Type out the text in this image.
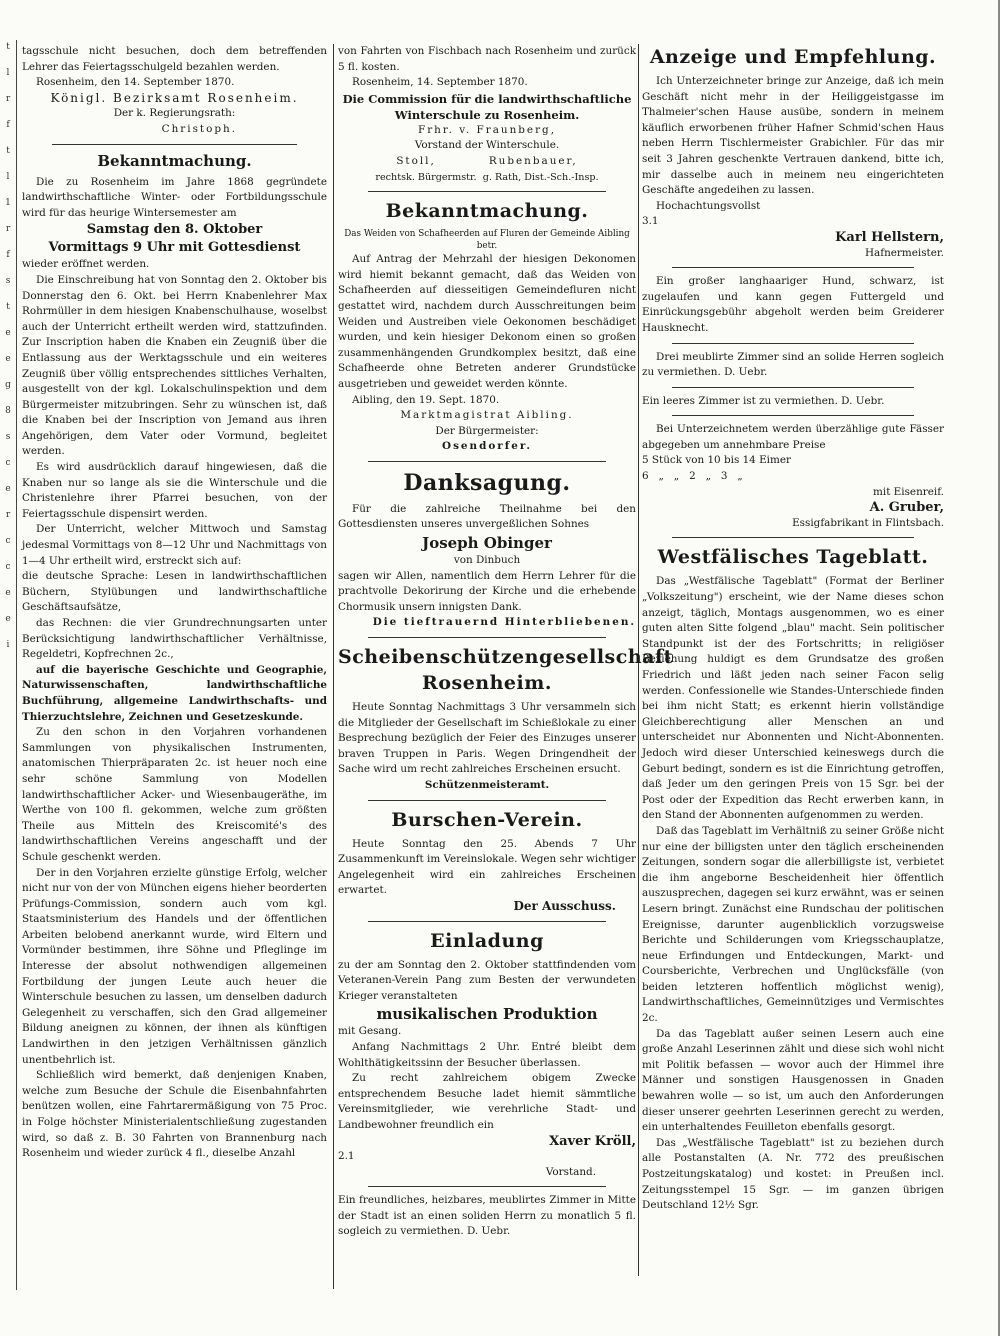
t
l
r
f
t
l
1
r
f
s
t
e
e
g
8
s
c
e
r
c
c
e
e
i

tagsschule nicht besuchen, doch dem betreffenden Lehrer das Feiertagsschulgeld bezahlen werden.

Rosenheim, den 14. September 1870.

Königl. Bezirksamt Rosenheim.

Der k. Regierungsrath:

Christoph.

Bekanntmachung.

Die zu Rosenheim im Jahre 1868 gegründete landwirthschaftliche Winter- oder Fortbildungsschule wird für das heurige Wintersemester am

Samstag den 8. Oktober

Vormittags 9 Uhr mit Gottesdienst

wieder eröffnet werden.

Die Einschreibung hat von Sonntag den 2. Oktober bis Donnerstag den 6. Okt. bei Herrn Knabenlehrer Max Rohrmüller in dem hiesigen Knabenschulhause, woselbst auch der Unterricht ertheilt werden wird, stattzufinden. Zur Inscription haben die Knaben ein Zeugniß über die Entlassung aus der Werktagsschule und ein weiteres Zeugniß über völlig entsprechendes sittliches Verhalten, ausgestellt von der kgl. Lokalschulinspektion und dem Bürgermeister mitzubringen. Sehr zu wünschen ist, daß die Knaben bei der Inscription von Jemand aus ihren Angehörigen, dem Vater oder Vormund, begleitet werden.

Es wird ausdrücklich darauf hingewiesen, daß die Knaben nur so lange als sie die Winterschule und die Christenlehre ihrer Pfarrei besuchen, von der Feiertagsschule dispensirt werden.

Der Unterricht, welcher Mittwoch und Samstag jedesmal Vormittags von 8—12 Uhr und Nachmittags von 1—4 Uhr ertheilt wird, erstreckt sich auf:

die deutsche Sprache: Lesen in landwirthschaftlichen Büchern, Stylübungen und landwirthschaftliche Geschäftsaufsätze,

das Rechnen: die vier Grundrechnungsarten unter Berücksichtigung landwirthschaftlicher Verhältnisse, Regeldetri, Kopfrechnen 2c.,

auf die bayerische Geschichte und Geographie, Naturwissenschaften, landwirthschaftliche Buchführung, allgemeine Landwirthschafts- und Thierzuchtslehre, Zeichnen und Gesetzeskunde.

Zu den schon in den Vorjahren vorhandenen Sammlungen von physikalischen Instrumenten, anatomischen Thierpräparaten 2c. ist heuer noch eine sehr schöne Sammlung von Modellen landwirthschaftlicher Acker- und Wiesenbaugeräthe, im Werthe von 100 fl. gekommen, welche zum größten Theile aus Mitteln des Kreiscomité's des landwirthschaftlichen Vereins angeschafft und der Schule geschenkt werden.

Der in den Vorjahren erzielte günstige Erfolg, welcher nicht nur von der von München eigens hieher beorderten Prüfungs-Commission, sondern auch vom kgl. Staatsministerium des Handels und der öffentlichen Arbeiten belobend anerkannt wurde, wird Eltern und Vormünder bestimmen, ihre Söhne und Pfleglinge im Interesse der absolut nothwendigen allgemeinen Fortbildung der jungen Leute auch heuer die Winterschule besuchen zu lassen, um denselben dadurch Gelegenheit zu verschaffen, sich den Grad allgemeiner Bildung aneignen zu können, der ihnen als künftigen Landwirthen in den jetzigen Verhältnissen gänzlich unentbehrlich ist.

Schließlich wird bemerkt, daß denjenigen Knaben, welche zum Besuche der Schule die Eisenbahnfahrten benützen wollen, eine Fahrtarermäßigung von 75 Proc. in Folge höchster Ministerialentschließung zugestanden wird, so daß z. B. 30 Fahrten von Brannenburg nach Rosenheim und wieder zurück 4 fl., dieselbe Anzahl

von Fahrten von Fischbach nach Rosenheim und zurück 5 fl. kosten.

Rosenheim, 14. September 1870.

Die Commission für die landwirthschaftliche Winterschule zu Rosenheim.

Frhr. v. Fraunberg,

Vorstand der Winterschule.

Stoll,          Rubenbauer,

rechtsk. Bürgermstr.  g. Rath, Dist.-Sch.-Insp.

Bekanntmachung.

Das Weiden von Schafheerden auf Fluren der Gemeinde Aibling betr.

Auf Antrag der Mehrzahl der hiesigen Dekonomen wird hiemit bekannt gemacht, daß das Weiden von Schafheerden auf diesseitigen Gemeindefluren nicht gestattet wird, nachdem durch Ausschreitungen beim Weiden und Austreiben viele Oekonomen beschädiget wurden, und kein hiesiger Dekonom einen so großen zusammenhängenden Grundkomplex besitzt, daß eine Schafheerde ohne Betreten anderer Grundstücke ausgetrieben und geweidet werden könnte.

Aibling, den 19. Sept. 1870.

Marktmagistrat Aibling.

Der Bürgermeister:

Osendorfer.

Danksagung.

Für die zahlreiche Theilnahme bei den Gottesdiensten unseres unvergeßlichen Sohnes

Joseph Obinger

von Dinbuch

sagen wir Allen, namentlich dem Herrn Lehrer für die prachtvolle Dekorirung der Kirche und die erhebende Chormusik unsern innigsten Dank.

Die tieftrauernd Hinterbliebenen.

Scheibenschützengesellschaft Rosenheim.

Heute Sonntag Nachmittags 3 Uhr versammeln sich die Mitglieder der Gesellschaft im Schießlokale zu einer Besprechung bezüglich der Feier des Einzuges unserer braven Truppen in Paris. Wegen Dringendheit der Sache wird um recht zahlreiches Erscheinen ersucht.

Schützenmeisteramt.

Burschen-Verein.

Heute Sonntag den 25. Abends 7 Uhr Zusammenkunft im Vereinslokale. Wegen sehr wichtiger Angelegenheit wird ein zahlreiches Erscheinen erwartet.

Der Ausschuss.

Einladung

zu der am Sonntag den 2. Oktober stattfindenden vom Veteranen-Verein Pang zum Besten der verwundeten Krieger veranstalteten

musikalischen Produktion

mit Gesang.

Anfang Nachmittags 2 Uhr. Entré bleibt dem Wohlthätigkeitssinn der Besucher überlassen.

Zu recht zahlreichem obigem Zwecke entsprechendem Besuche ladet hiemit sämmtliche Vereinsmitglieder, wie verehrliche Stadt- und Landbewohner freundlich ein

Xaver Kröll,

2.1

Vorstand.

Ein freundliches, heizbares, meublirtes Zimmer in Mitte der Stadt ist an einen soliden Herrn zu monatlich 5 fl. sogleich zu vermiethen. D. Uebr.

Anzeige und Empfehlung.

Ich Unterzeichneter bringe zur Anzeige, daß ich mein Geschäft nicht mehr in der Heiliggeistgasse im Thalmeier'schen Hause ausübe, sondern in meinem käuflich erworbenen früher Hafner Schmid'schen Haus neben Herrn Tischlermeister Grabichler. Für das mir seit 3 Jahren geschenkte Vertrauen dankend, bitte ich, mir dasselbe auch in meinem neu eingerichteten Geschäfte angedeihen zu lassen.

Hochachtungsvollst

3.1

Karl Hellstern,

Hafnermeister.

Ein großer langhaariger Hund, schwarz, ist zugelaufen und kann gegen Futtergeld und Einrückungsgebühr abgeholt werden beim Greiderer Hausknecht.

Drei meublirte Zimmer sind an solide Herren sogleich zu vermiethen. D. Uebr.

Ein leeres Zimmer ist zu vermiethen. D. Uebr.

Bei Unterzeichnetem werden überzählige gute Fässer abgegeben um annehmbare Preise

5 Stück von 10 bis 14 Eimer

6   „   „   2   „   3   „

mit Eisenreif.

A. Gruber,

Essigfabrikant in Flintsbach.

Westfälisches Tageblatt.

Das „Westfälische Tageblatt" (Format der Berliner „Volkszeitung") erscheint, wie der Name dieses schon anzeigt, täglich, Montags ausgenommen, wo es einer guten alten Sitte folgend „blau" macht. Sein politischer Standpunkt ist der des Fortschritts; in religiöser Beziehung huldigt es dem Grundsatze des großen Friedrich und läßt jeden nach seiner Facon selig werden. Confessionelle wie Standes-Unterschiede finden bei ihm nicht Statt; es erkennt hierin vollständige Gleichberechtigung aller Menschen an und unterscheidet nur Abonnenten und Nicht-Abonnenten. Jedoch wird dieser Unterschied keineswegs durch die Geburt bedingt, sondern es ist die Einrichtung getroffen, daß Jeder um den geringen Preis von 15 Sgr. bei der Post oder der Expedition das Recht erwerben kann, in den Stand der Abonnenten aufgenommen zu werden.

Daß das Tageblatt im Verhältniß zu seiner Größe nicht nur eine der billigsten unter den täglich erscheinenden Zeitungen, sondern sogar die allerbilligste ist, verbietet die ihm angeborne Bescheidenheit hier öffentlich auszusprechen, dagegen sei kurz erwähnt, was er seinen Lesern bringt. Zunächst eine Rundschau der politischen Ereignisse, darunter augenblicklich vorzugsweise Berichte und Schilderungen vom Kriegsschauplatze, neue Erfindungen und Entdeckungen, Markt- und Coursberichte, Verbrechen und Unglücksfälle (von beiden letzteren hoffentlich möglichst wenig), Landwirthschaftliches, Gemeinnütziges und Vermischtes 2c.

Da das Tageblatt außer seinen Lesern auch eine große Anzahl Leserinnen zählt und diese sich wohl nicht mit Politik befassen — wovor auch der Himmel ihre Männer und sonstigen Hausgenossen in Gnaden bewahren wolle — so ist, um auch den Anforderungen dieser unserer geehrten Leserinnen gerecht zu werden, ein unterhaltendes Feuilleton ebenfalls gesorgt.

Das „Westfälische Tageblatt" ist zu beziehen durch alle Postanstalten (A. Nr. 772 des preußischen Postzeitungskatalog) und kostet: in Preußen incl. Zeitungsstempel 15 Sgr. — im ganzen übrigen Deutschland 12½ Sgr.
